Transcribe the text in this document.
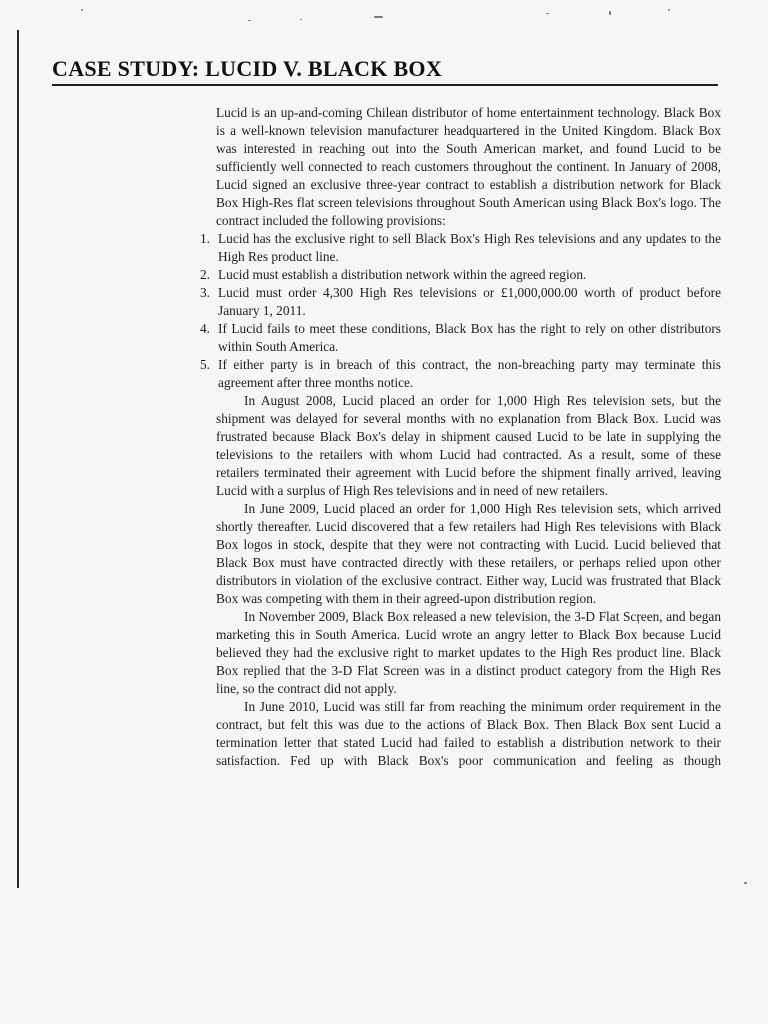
CASE STUDY: LUCID V. BLACK BOX

Lucid is an up-and-coming Chilean distributor of home entertainment technology. Black Box is a well-known television manufacturer headquartered in the United Kingdom. Black Box was interested in reaching out into the South American market, and found Lucid to be sufficiently well connected to reach customers throughout the continent. In January of 2008, Lucid signed an exclusive three-year contract to establish a distribution network for Black Box High-Res flat screen televisions throughout South American using Black Box's logo. The contract included the following provisions:

1. Lucid has the exclusive right to sell Black Box's High Res televisions and any updates to the High Res product line.
2. Lucid must establish a distribution network within the agreed region.
3. Lucid must order 4,300 High Res televisions or £1,000,000.00 worth of product before January 1, 2011.
4. If Lucid fails to meet these conditions, Black Box has the right to rely on other distributors within South America.
5. If either party is in breach of this contract, the non-breaching party may terminate this agreement after three months notice.

In August 2008, Lucid placed an order for 1,000 High Res television sets, but the shipment was delayed for several months with no explanation from Black Box. Lucid was frustrated because Black Box's delay in shipment caused Lucid to be late in supplying the televisions to the retailers with whom Lucid had contracted. As a result, some of these retailers terminated their agreement with Lucid before the shipment finally arrived, leaving Lucid with a surplus of High Res televisions and in need of new retailers.

In June 2009, Lucid placed an order for 1,000 High Res television sets, which arrived shortly thereafter. Lucid discovered that a few retailers had High Res televisions with Black Box logos in stock, despite that they were not contracting with Lucid. Lucid believed that Black Box must have contracted directly with these retailers, or perhaps relied upon other distributors in violation of the exclusive contract. Either way, Lucid was frustrated that Black Box was competing with them in their agreed-upon distribution region.

In November 2009, Black Box released a new television, the 3-D Flat Screen, and began marketing this in South America. Lucid wrote an angry letter to Black Box because Lucid believed they had the exclusive right to market updates to the High Res product line. Black Box replied that the 3-D Flat Screen was in a distinct product category from the High Res line, so the contract did not apply.

In June 2010, Lucid was still far from reaching the minimum order requirement in the contract, but felt this was due to the actions of Black Box. Then Black Box sent Lucid a termination letter that stated Lucid had failed to establish a distribution network to their satisfaction. Fed up with Black Box's poor communication and feeling as though
